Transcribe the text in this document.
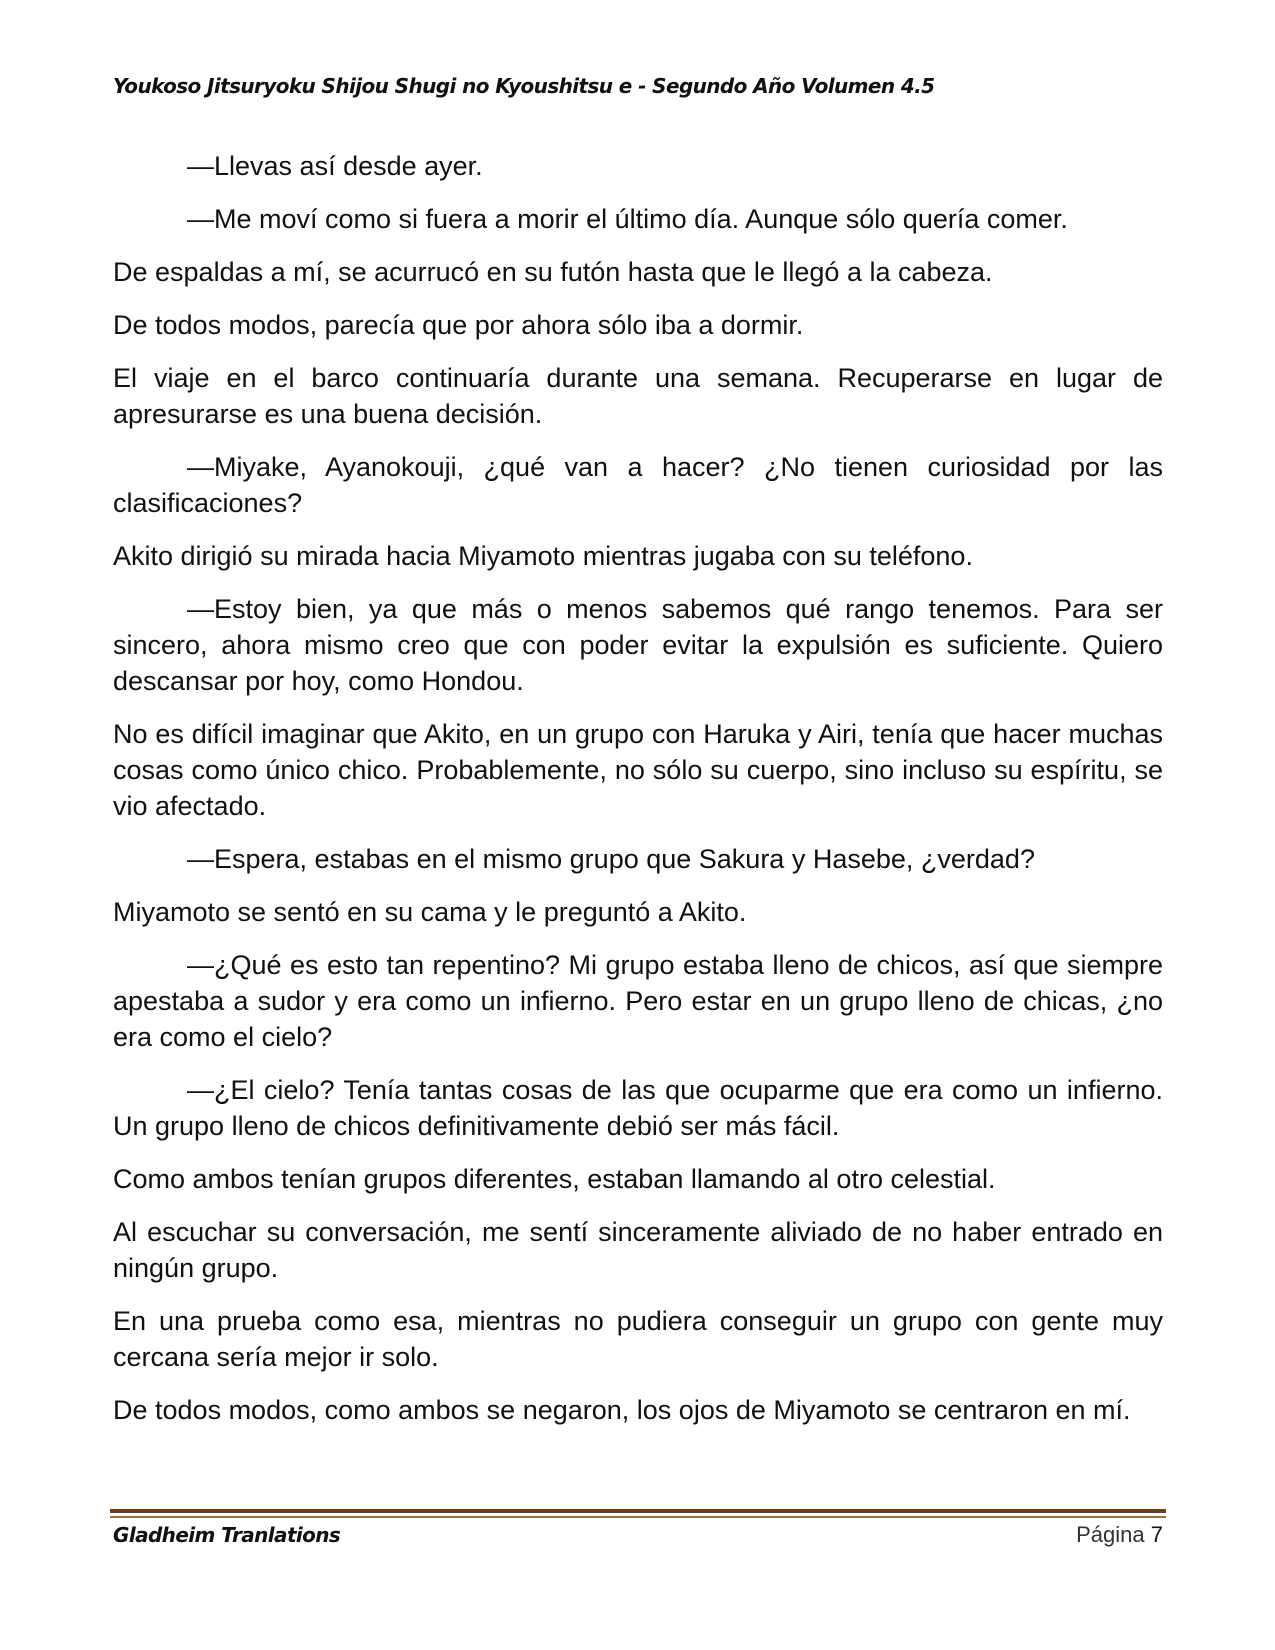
Youkoso Jitsuryoku Shijou Shugi no Kyoushitsu e - Segundo Año Volumen 4.5

—Llevas así desde ayer.

—Me moví como si fuera a morir el último día. Aunque sólo quería comer.

De espaldas a mí, se acurrucó en su futón hasta que le llegó a la cabeza.

De todos modos, parecía que por ahora sólo iba a dormir.

El viaje en el barco continuaría durante una semana. Recuperarse en lugar de apresurarse es una buena decisión.

—Miyake, Ayanokouji, ¿qué van a hacer? ¿No tienen curiosidad por las clasificaciones?

Akito dirigió su mirada hacia Miyamoto mientras jugaba con su teléfono.

—Estoy bien, ya que más o menos sabemos qué rango tenemos. Para ser sincero, ahora mismo creo que con poder evitar la expulsión es suficiente. Quiero descansar por hoy, como Hondou.

No es difícil imaginar que Akito, en un grupo con Haruka y Airi, tenía que hacer muchas cosas como único chico. Probablemente, no sólo su cuerpo, sino incluso su espíritu, se vio afectado.

—Espera, estabas en el mismo grupo que Sakura y Hasebe, ¿verdad?

Miyamoto se sentó en su cama y le preguntó a Akito.

—¿Qué es esto tan repentino? Mi grupo estaba lleno de chicos, así que siempre apestaba a sudor y era como un infierno. Pero estar en un grupo lleno de chicas, ¿no era como el cielo?

—¿El cielo? Tenía tantas cosas de las que ocuparme que era como un infierno. Un grupo lleno de chicos definitivamente debió ser más fácil.

Como ambos tenían grupos diferentes, estaban llamando al otro celestial.

Al escuchar su conversación, me sentí sinceramente aliviado de no haber entrado en ningún grupo.

En una prueba como esa, mientras no pudiera conseguir un grupo con gente muy cercana sería mejor ir solo.

De todos modos, como ambos se negaron, los ojos de Miyamoto se centraron en mí.

Gladheim Tranlations	Página 7
